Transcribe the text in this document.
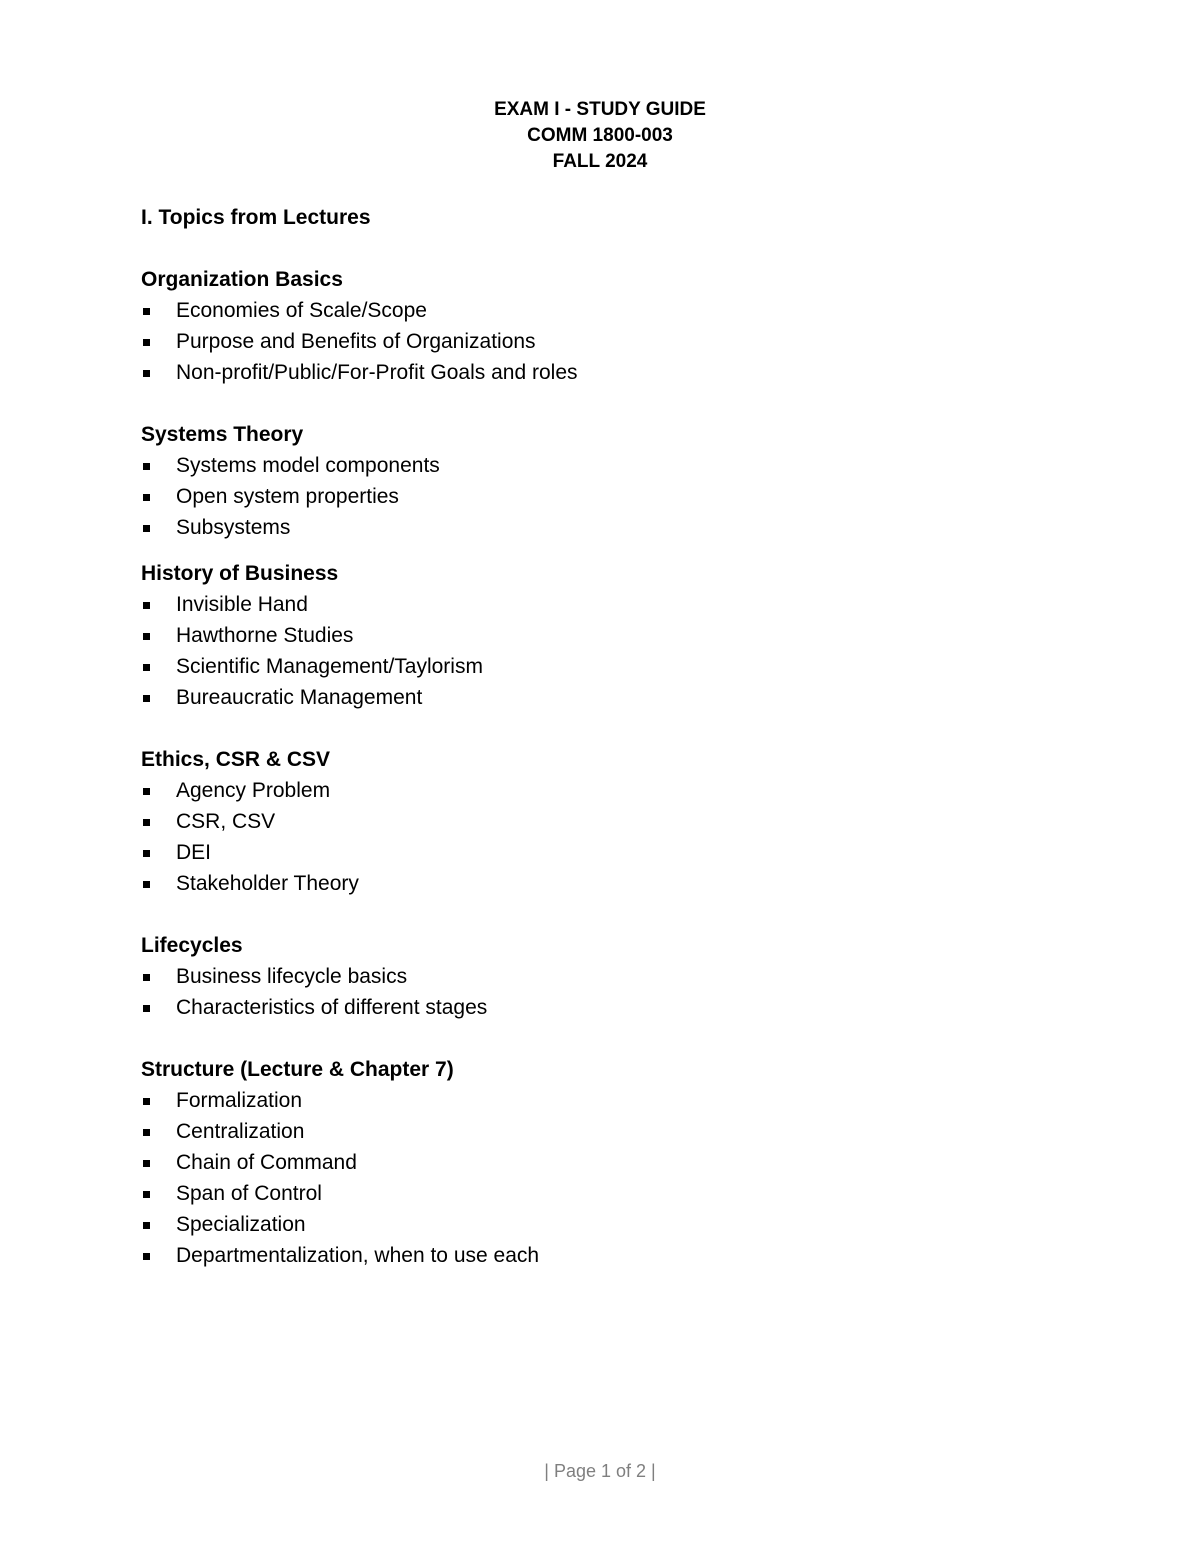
EXAM I - STUDY GUIDE
COMM 1800-003
FALL 2024

I. Topics from Lectures

Organization Basics

Economies of Scale/Scope
Purpose and Benefits of Organizations
Non-profit/Public/For-Profit Goals and roles

Systems Theory

Systems model components
Open system properties
Subsystems

History of Business

Invisible Hand
Hawthorne Studies
Scientific Management/Taylorism
Bureaucratic Management

Ethics, CSR & CSV

Agency Problem
CSR, CSV
DEI
Stakeholder Theory

Lifecycles

Business lifecycle basics
Characteristics of different stages

Structure (Lecture & Chapter 7)

Formalization
Centralization
Chain of Command
Span of Control
Specialization
Departmentalization, when to use each
| Page 1 of 2 |
